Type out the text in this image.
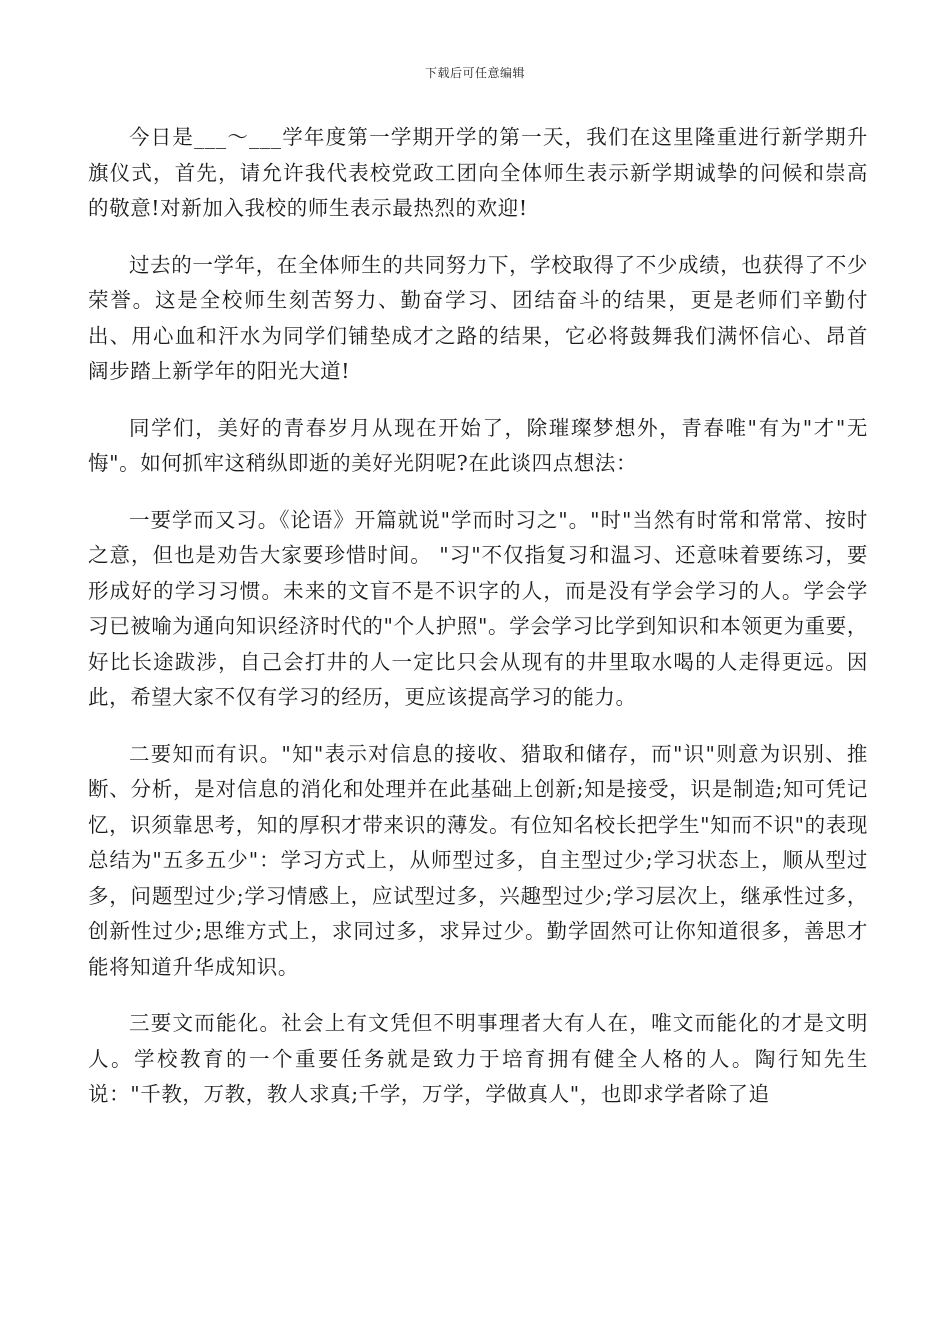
下载后可任意编辑

今日是___～___学年度第一学期开学的第一天，我们在这里隆重进行新学期升旗仪式，首先，请允许我代表校党政工团向全体师生表示新学期诚挚的问候和崇高的敬意!对新加入我校的师生表示最热烈的欢迎!

过去的一学年，在全体师生的共同努力下，学校取得了不少成绩，也获得了不少荣誉。这是全校师生刻苦努力、勤奋学习、团结奋斗的结果，更是老师们辛勤付出、用心血和汗水为同学们铺垫成才之路的结果，它必将鼓舞我们满怀信心、昂首阔步踏上新学年的阳光大道!

同学们，美好的青春岁月从现在开始了，除璀璨梦想外，青春唯"有为"才"无悔"。如何抓牢这稍纵即逝的美好光阴呢?在此谈四点想法：

一要学而又习。《论语》开篇就说"学而时习之"。"时"当然有时常和常常、按时之意，但也是劝告大家要珍惜时间。 "习"不仅指复习和温习、还意味着要练习，要形成好的学习习惯。未来的文盲不是不识字的人，而是没有学会学习的人。学会学习已被喻为通向知识经济时代的"个人护照"。学会学习比学到知识和本领更为重要，好比长途跋涉，自己会打井的人一定比只会从现有的井里取水喝的人走得更远。因此，希望大家不仅有学习的经历，更应该提高学习的能力。

二要知而有识。"知"表示对信息的接收、猎取和储存，而"识"则意为识别、推断、分析，是对信息的消化和处理并在此基础上创新;知是接受，识是制造;知可凭记忆，识须靠思考，知的厚积才带来识的薄发。有位知名校长把学生"知而不识"的表现总结为"五多五少"：学习方式上，从师型过多，自主型过少;学习状态上，顺从型过多，问题型过少;学习情感上，应试型过多，兴趣型过少;学习层次上，继承性过多，创新性过少;思维方式上，求同过多，求异过少。勤学固然可让你知道很多，善思才能将知道升华成知识。

三要文而能化。社会上有文凭但不明事理者大有人在，唯文而能化的才是文明人。学校教育的一个重要任务就是致力于培育拥有健全人格的人。陶行知先生说："千教，万教，教人求真;千学，万学，学做真人"，也即求学者除了追
